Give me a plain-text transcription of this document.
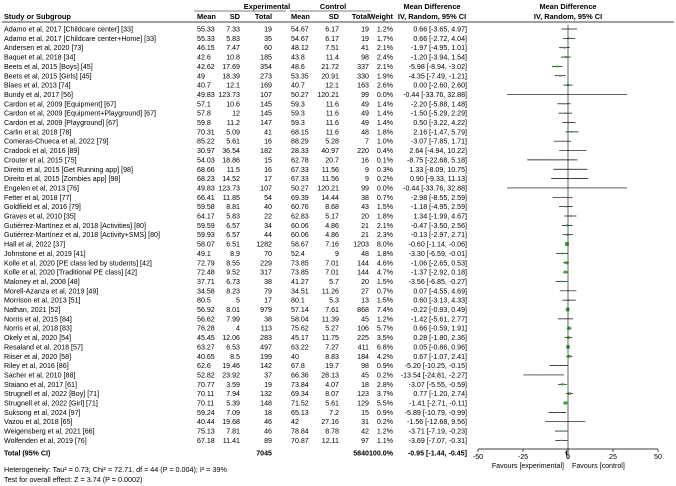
Experimental	Control	Mean Difference	Mean Difference
Study or Subgroup	Mean SD Total	Mean	SD Total Weight IV, Random, 95% CI	IV, Random, 95% CI
Adamo et al, 2017 [Childcare center] [33]	55.33 7.33	19	54.67 6.17	19 1.2%	0.66 [-3.65, 4.97]
Adamo et al, 2017 [Childcare center+Home] [33]	55.33 5.83	35	54.67 6.17	19 1.7%	0.66 [-2.72, 4.04]
Andersen et al, 2020 [73]	46.15 7.47	60	48.12 7.51	41 2.1%	-1.97 [-4.95, 1.01]
Baquet et al, 2018 [34]	42.6 10.8	185	43.8	11.4	98 2.4%	-1.20 [-3.94, 1.54]
Beets et al, 2015 [Boys] [45]	42.62 17.69	354	48.6 21.72	337 2.1% -5.98 [-8.94, -3.02]
Beets et al, 2015 [Girls] [45]	49 18.39	273	53.35 20.91	330 1.9% -4.35 [-7.49, -1.21]
Blaes et al, 2013 [74]	40.7 12.1	169	40.7	12.1	163 2.6%	0.00 [-2.60, 2.60]
Bundy et al, 2017 [56]	49.83 123.73	107	50.27 120.21	99 0.0% -0.44 [-33.76, 32.88]
Cardon et al, 2009 [Equipment] [67]	57.1 10.6	145	59.3	11.6	49 1.4%	-2.20 [-5.88, 1.48]
Cardon et al, 2009 [Equipment+Playground] [67]	57.8	12	145	59.3	11.6	49 1.4%	-1.50 [-5.29, 2.29]
Cardon et al, 2009 [Playground] [67]	59.8 11.2	147	59.3	11.6	49 1.4%	0.50 [-3.22, 4.22]
Carlin et al, 2018 [78]	70.31 5.09	41	68.15 11.6	48 1.8%	2.16 [-1.47, 5.79]
Comeras-Chueca et al, 2022 [79]	85.22 5.61	16	88.29 5.28	7 1.0%	-3.07 [-7.85, 1.71]
Cradock et al, 2016 [89]	30.97 36.54	182	28.33 40.97	220 0.4% 2.64 [-4.94, 10.22]
Crouter et al, 2015 [75]	54.03 18.86	15	62.78 20.7	16 0.1% -8.75 [-22.68, 5.18]
Direito et al, 2015 [Get Running app] [98]	68.66 11.5	16	67.33 11.56	9 0.3% 1.33 [-8.09, 10.75]
Direito et al, 2015 [Zombies app] [98]	68.23 14.52	17	67.33 11.56	9 0.2% 0.90 [-9.33, 11.13]
Engelen et al, 2013 [76]	49.83 123.73	107	50.27 120.21	99 0.0% -0.44 [-33.76, 32.88]
Fetter et al, 2018 [77]	66.41 11.85	54	69.39 14.44	38 0.7%	-2.98 [-8.55, 2.59]
Goldfield et al, 2016 [79]	59.58 8.81	40	60.76 8.68	43 1.5%	-1.18 [-4.95, 2.59]
Graves et al, 2010 [35]	64.17 5.83	22	62.83 5.17	20 1.8%	1.34 [-1.99, 4.67]
Gutiérrez-Martínez et al, 2018 [Activities] [80]	59.59 6.57	34	60.06 4.86	21 2.1%	-0.47 [-3.50, 2.56]
Gutiérrez-Martínez et al, 2018 [Activity+SMS] [80]	59.93 6.57	44	60.06 4.86	21 2.3%	-0.13 [-2.97, 2.71]
Hall et al, 2022 [37]	58.07 6.51 1282	58.67 7.16 1203 8.0% -0.60 [-1.14, -0.06]
Johnstone et al, 2019 [41]	49.1	8.9	70	52.4	9	48 1.8% -3.30 [-6.59, -0.01]
Kolle et al, 2020 [PE class led by students] [42]	72.79 8.55	229	73.85 7.01	144 4.6%	-1.06 [-2.65, 0.53]
Kolle et al, 2020 [Traditional PE class] [42]	72.48 9.52	317	73.85 7.01	144 4.7%	-1.37 [-2.92, 0.18]
Maloney et al, 2008 [48]	37.71 6.73	38	41.27	5.7	20 1.5% -3.56 [-6.85, -0.27]
Morell-Azanza et al, 2019 [49]	34.58 8.23	79	34.51 11.26	27 0.7%	0.07 [-4.55, 4.69]
Morrison et al, 2013 [51]	80.5	5	17	80.1	5.3	13 1.5%	0.60 [-3.13, 4.33]
Nathan, 2021 [52]	56.92 8.01	979	57.14 7.61	868 7.4%	-0.22 [-0.93, 0.49]
Norris et al, 2015 [84]	56.62 7.99	38	58.04 11.39	45 1.2%	-1.42 [-5.61, 2.77]
Norris et al, 2018 [83]	76.28	4	113	75.62 5.27	106 5.7%	0.66 [-0.59, 1.91]
Okely et al, 2020 [54]	45.45 12.06	283	45.17 11.75	225 3.5%	0.28 [-1.80, 2.36]
Resaland et al, 2018 [57]	63.27 6.53	497	63.22 7.27	411 6.8%	0.05 [-0.86, 0.96]
Riiser et al, 2020 [58]	40.65 8.5	199	40	8.83	184 4.2%	0.67 [-1.07, 2.41]
Riley et al, 2016 [86]	62.6 19.46	142	67.8	19.7	98 0.9% -5.20 [-10.25, -0.15]
Sacher et al, 2010 [88]	52.82 23.92	37	66.36 28.13	45 0.2% -13.54 [-24.81, -2.27]
Staiano et al, 2017 [61]	70.77 3.59	19	73.84 4.07	18 2.8% -3.07 [-5.55, -0.59]
Strugnell et al, 2022 [Boy] [71]	70.11 7.94	132	69.34 8.07	123 3.7%	0.77 [-1.20, 2.74]
Strugnell et al, 2022 [Girl] [71]	70.11 5.39	148	71.52 5.61	129 5.5% -1.41 [-2.71, -0.11]
Suksong et al, 2024 [97]	59.24 7.09	18	65.13	7.2	15 0.9% -5.89 [-10.79, -0.99]
Vazou et al, 2018 [65]	40.44 19.68	46	42	27.16	31 0.2% -1.56 [-12.68, 9.56]
Weigensberg et al, 2021 [66]	75.13 7.81	46	78.84 8.78	42 1.2% -3.71 [-7.19, -0.23]
Wolfenden et al, 2019 [76]	67.18 11.41	89	70.87 12.11	97 1.1% -3.69 [-7.07, -0.31]
Total (95% CI)	7045	5840 100.0% -0.95 [-1.44, -0.45] -50	-25	0	25	50
Favours [experimental] Favours [control]
Heterogeneity: Tau² = 0.73; Chi² = 72.71, df = 44 (P = 0.004); I² = 39%
Test for overall effect: Z = 3.74 (P = 0.0002)
